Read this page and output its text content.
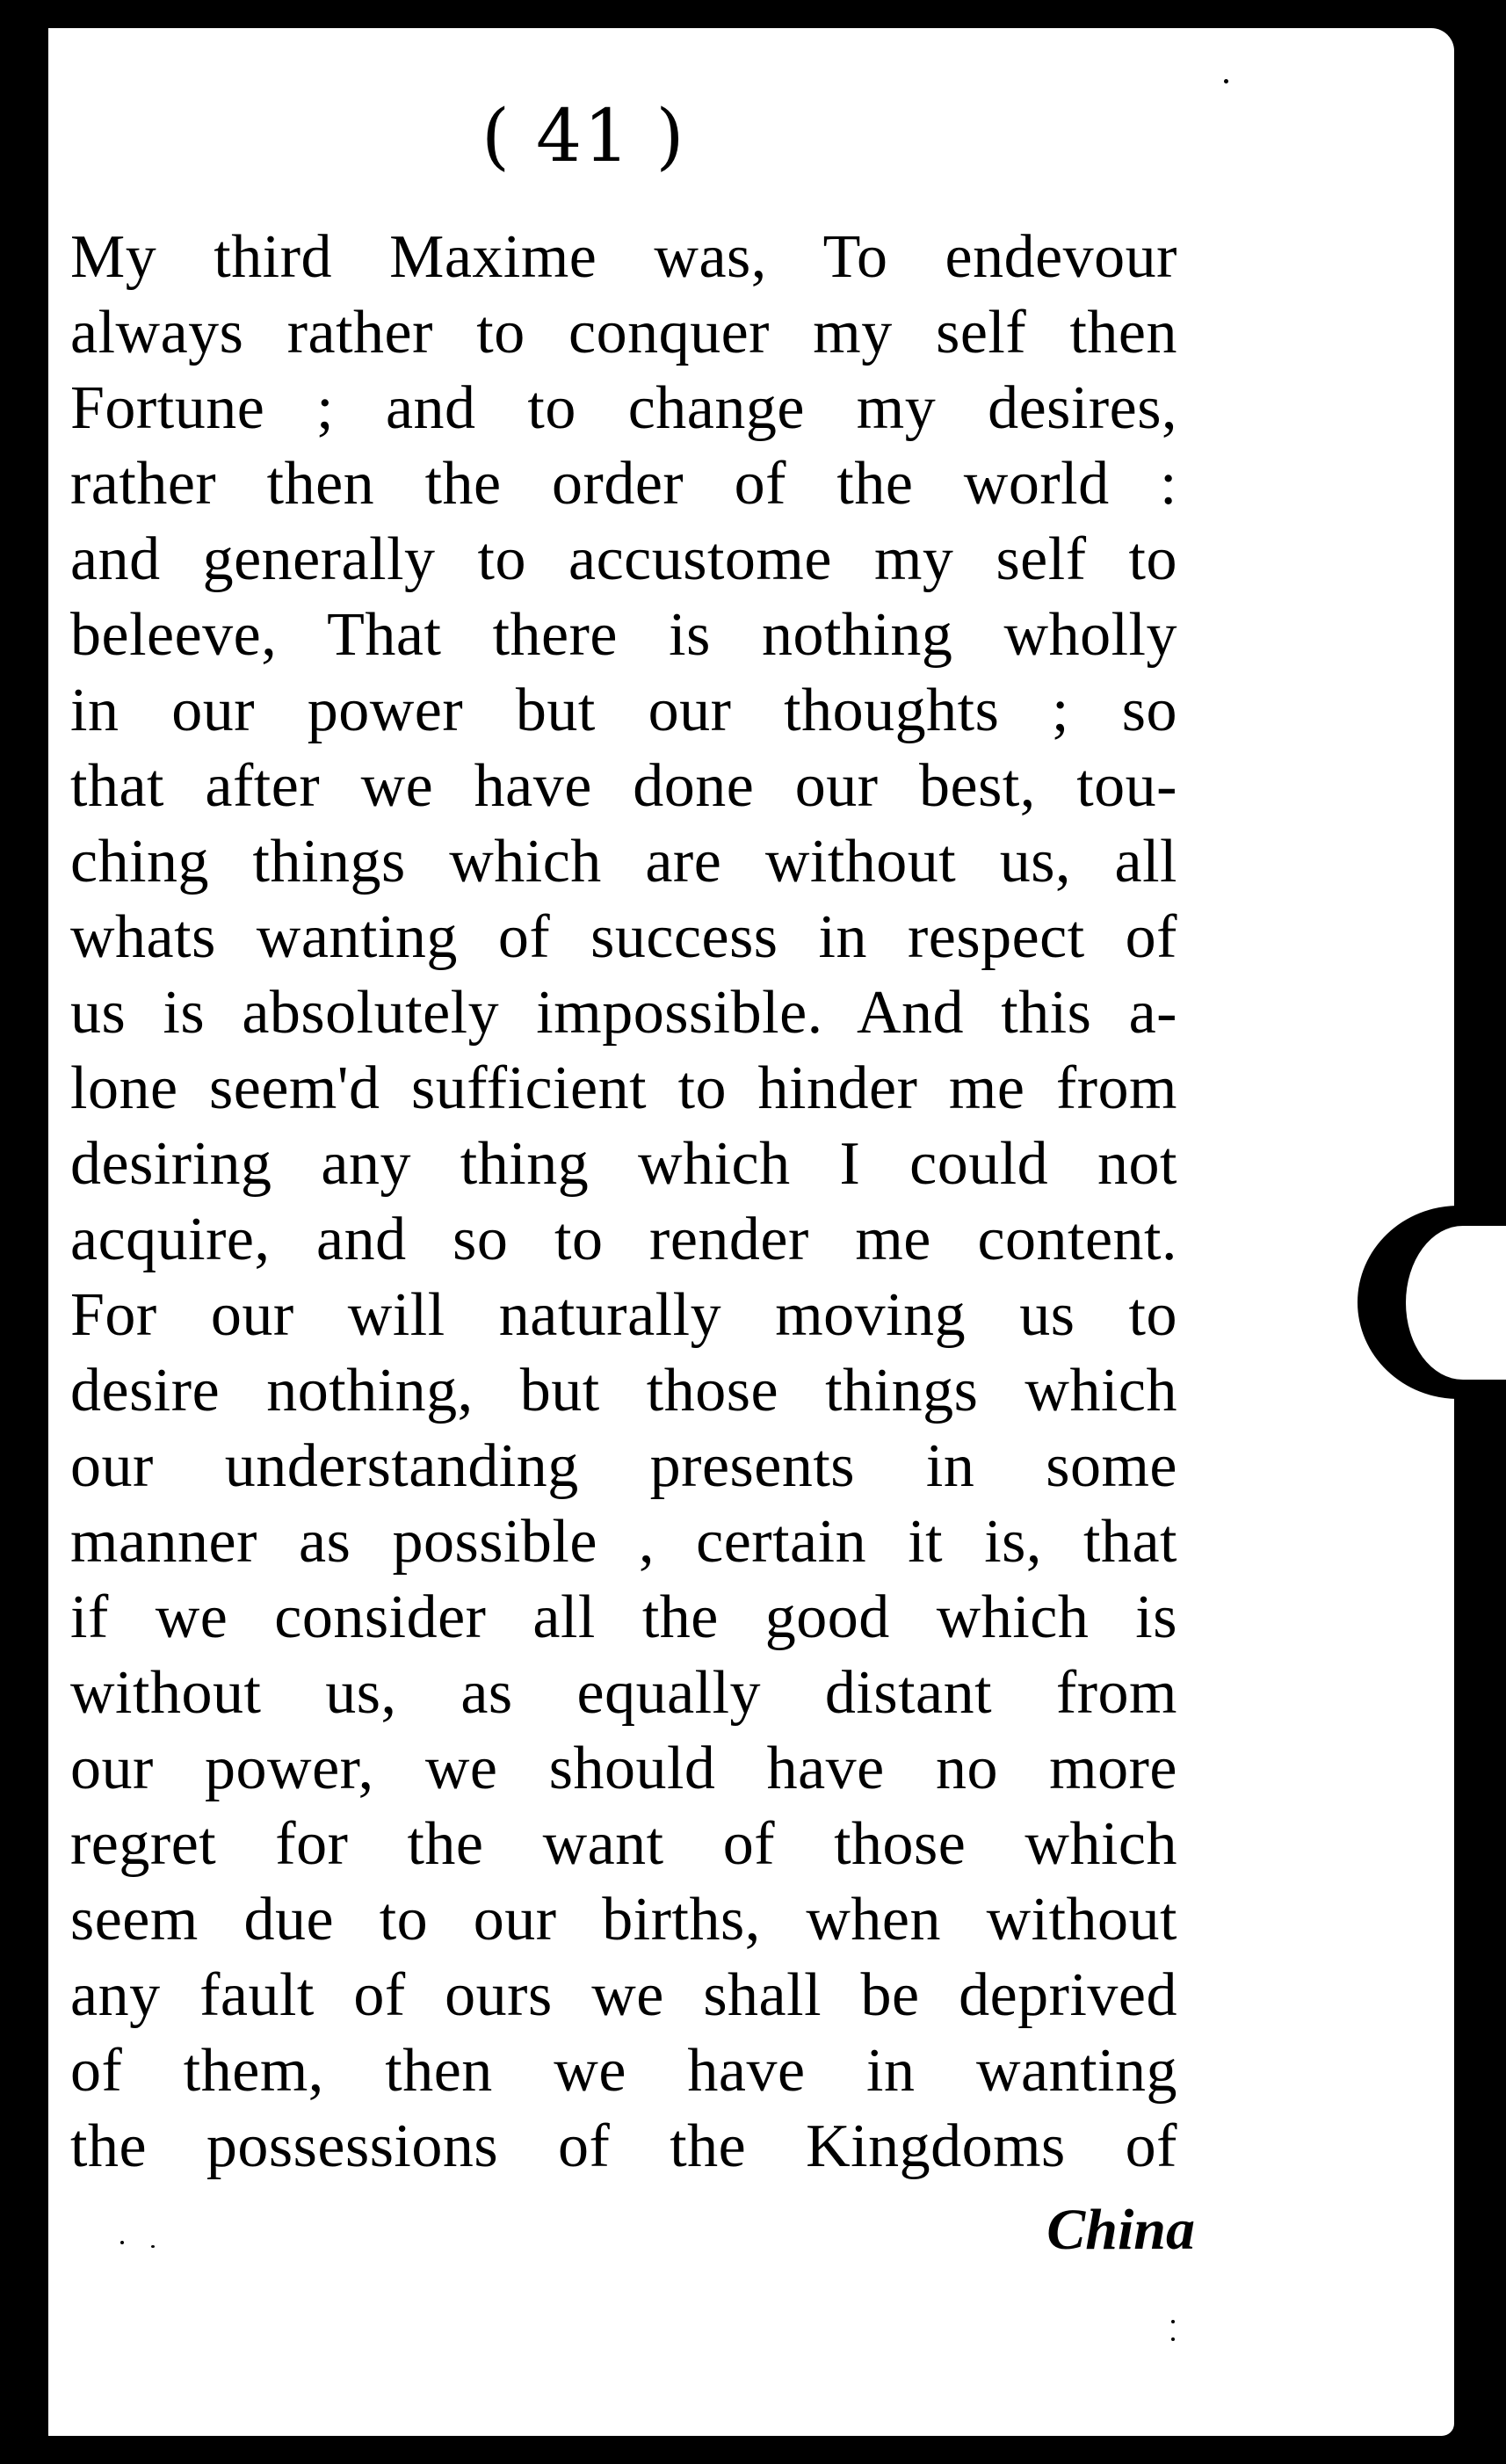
( 41 )
My third Maxime was, To endevour
always rather to conquer my self then
Fortune ; and to change my desires,
rather then the order of the world :
and generally to accustome my self to
beleeve, That there is nothing wholly
in our power but our thoughts ; so
that after we have done our best, tou-
ching things which are without us, all
whats wanting of success in respect of
us is absolutely impossible. And this a-
lone seem'd sufficient to hinder me from
desiring any thing which I could not
acquire, and so to render me content.
For our will naturally moving us to
desire nothing, but those things which
our understanding presents in some
manner as possible , certain it is, that
if we consider all the good which is
without us, as equally distant from
our power, we should have no more
regret for the want of those which
seem due to our births, when without
any fault of ours we shall be deprived
of them, then we have in wanting
the possessions of the Kingdoms of
China
